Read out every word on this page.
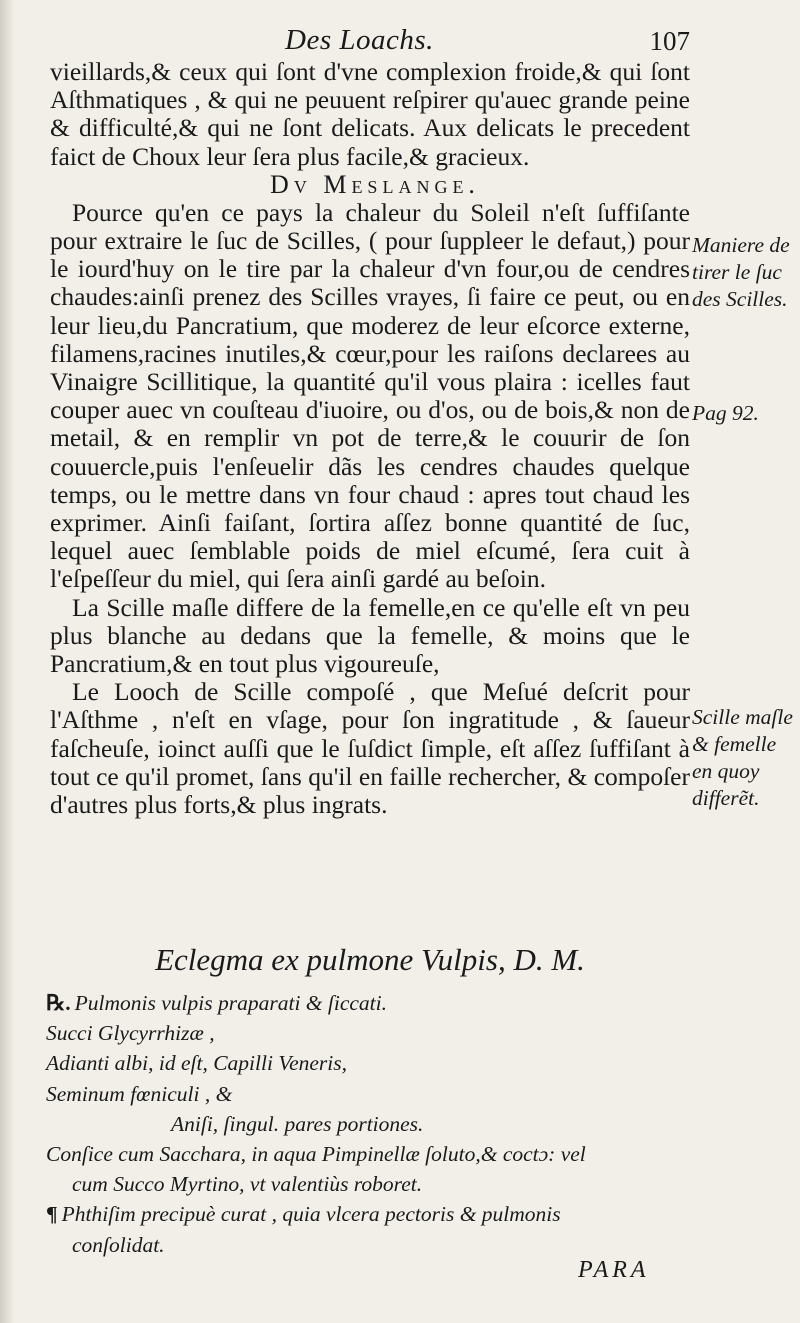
Des Loachs.	107

vieillards,& ceux qui ſont d'vne complexion froide,& qui ſont Aſthmatiques , & qui ne peuuent reſpirer qu'auec grande peine & difficulté,& qui ne ſont delicats. Aux delicats le precedent faict de Choux leur ſera plus facile,& gracieux.

Dv Meslange.

Pource qu'en ce pays la chaleur du Soleil n'eſt ſuffiſante pour extraire le ſuc de Scilles, ( pour ſuppleer le defaut,) pour le iourd'huy on le tire par la chaleur d'vn four,ou de cendres chaudes:ainſi prenez des Scilles vrayes, ſi faire ce peut, ou en leur lieu,du Pancratium, que moderez de leur eſcorce externe, filamens,racines inutiles,& cœur,pour les raiſons declarees au Vinaigre Scillitique, la quantité qu'il vous plaira : icelles faut couper auec vn couſteau d'iuoire, ou d'os, ou de bois,& non de metail, & en remplir vn pot de terre,& le couurir de ſon couuercle,puis l'enſeuelir dãs les cendres chaudes quelque temps, ou le mettre dans vn four chaud : apres tout chaud les exprimer. Ainſi faiſant, ſortira aſſez bonne quantité de ſuc, lequel auec ſemblable poids de miel eſcumé, ſera cuit à l'eſpeſſeur du miel, qui ſera ainſi gardé au beſoin.

La Scille maſle differe de la femelle,en ce qu'elle eſt vn peu plus blanche au dedans que la femelle, & moins que le Pancratium,& en tout plus vigoureuſe,

Le Looch de Scille compoſé , que Meſué deſcrit pour l'Aſthme , n'eſt en vſage, pour ſon ingratitude , & ſaueur faſcheuſe, ioinct auſſi que le ſuſdict ſimple, eſt aſſez ſuffiſant à tout ce qu'il promet, ſans qu'il en faille rechercher, & compoſer d'autres plus forts,& plus ingrats.

Maniere de tirer le ſuc des Scilles.
Pag 92.
Scille maſle & femelle en quoy differẽt.
Eclegma ex pulmone Vulpis, D. M.
℞. Pulmonis vulpis praparati & ſiccati.
Succi Glycyrrhizæ ,
Adianti albi, id eſt, Capilli Veneris,
Seminum fœniculi , &
Aniſi, ſingul. pares portiones.
Conſice cum Sacchara, in aqua Pimpinellæ ſoluto,& coctɔ: vel
cum Succo Myrtino, vt valentiùs roboret.
¶ Phthiſim precipuè curat , quia vlcera pectoris & pulmonis
conſolidat.
PARA
